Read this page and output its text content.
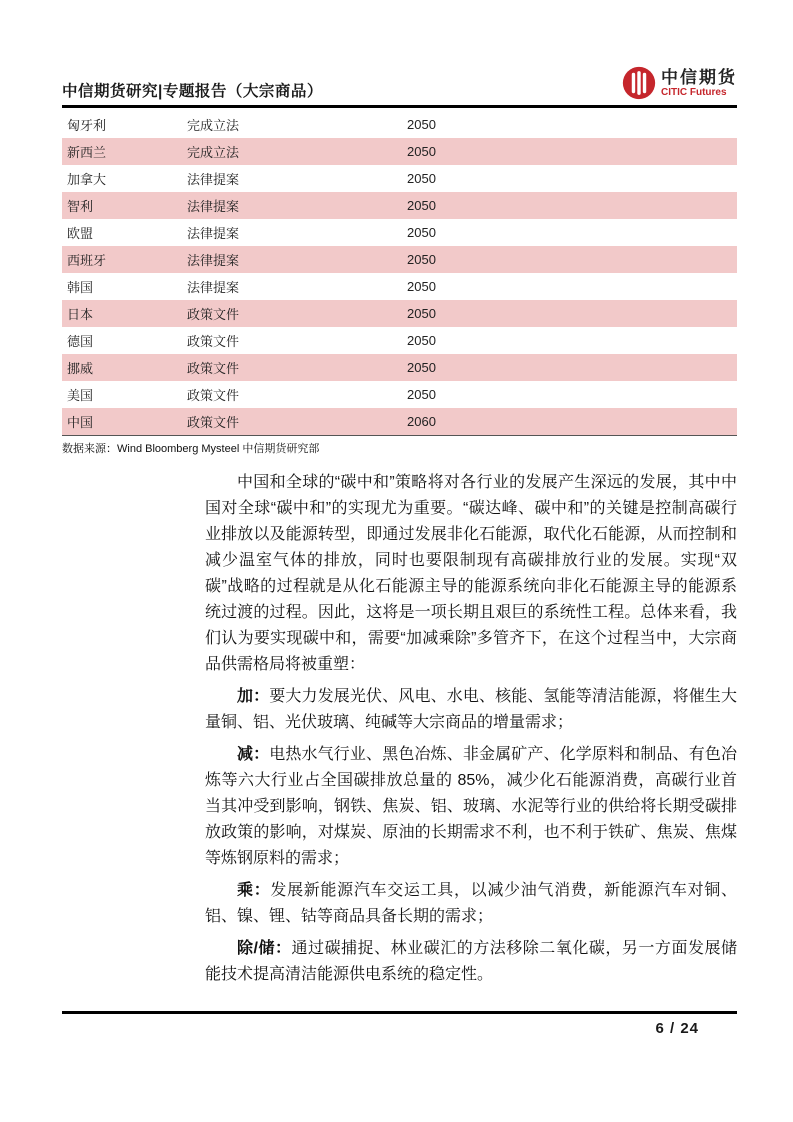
中信期货研究|专题报告（大宗商品）
中信期货
CITIC Futures
匈牙利	完成立法	2050
新西兰	完成立法	2050
加拿大	法律提案	2050
智利	法律提案	2050
欧盟	法律提案	2050
西班牙	法律提案	2050
韩国	法律提案	2050
日本	政策文件	2050
德国	政策文件	2050
挪威	政策文件	2050
美国	政策文件	2050
中国	政策文件	2060
数据来源：Wind Bloomberg Mysteel 中信期货研究部

中国和全球的“碳中和”策略将对各行业的发展产生深远的发展，其中中国对全球“碳中和”的实现尤为重要。“碳达峰、碳中和”的关键是控制高碳行业排放以及能源转型，即通过发展非化石能源，取代化石能源，从而控制和减少温室气体的排放，同时也要限制现有高碳排放行业的发展。实现“双碳”战略的过程就是从化石能源主导的能源系统向非化石能源主导的能源系统过渡的过程。因此，这将是一项长期且艰巨的系统性工程。总体来看，我们认为要实现碳中和，需要“加减乘除”多管齐下，在这个过程当中，大宗商品供需格局将被重塑：

加：要大力发展光伏、风电、水电、核能、氢能等清洁能源，将催生大量铜、铝、光伏玻璃、纯碱等大宗商品的增量需求；

减：电热水气行业、黑色冶炼、非金属矿产、化学原料和制品、有色冶炼等六大行业占全国碳排放总量的 85%，减少化石能源消费，高碳行业首当其冲受到影响，钢铁、焦炭、铝、玻璃、水泥等行业的供给将长期受碳排放政策的影响，对煤炭、原油的长期需求不利，也不利于铁矿、焦炭、焦煤等炼钢原料的需求；

乘：发展新能源汽车交运工具，以减少油气消费，新能源汽车对铜、铝、镍、锂、钴等商品具备长期的需求；

除/储：通过碳捕捉、林业碳汇的方法移除二氧化碳，另一方面发展储能技术提高清洁能源供电系统的稳定性。

6 / 24
